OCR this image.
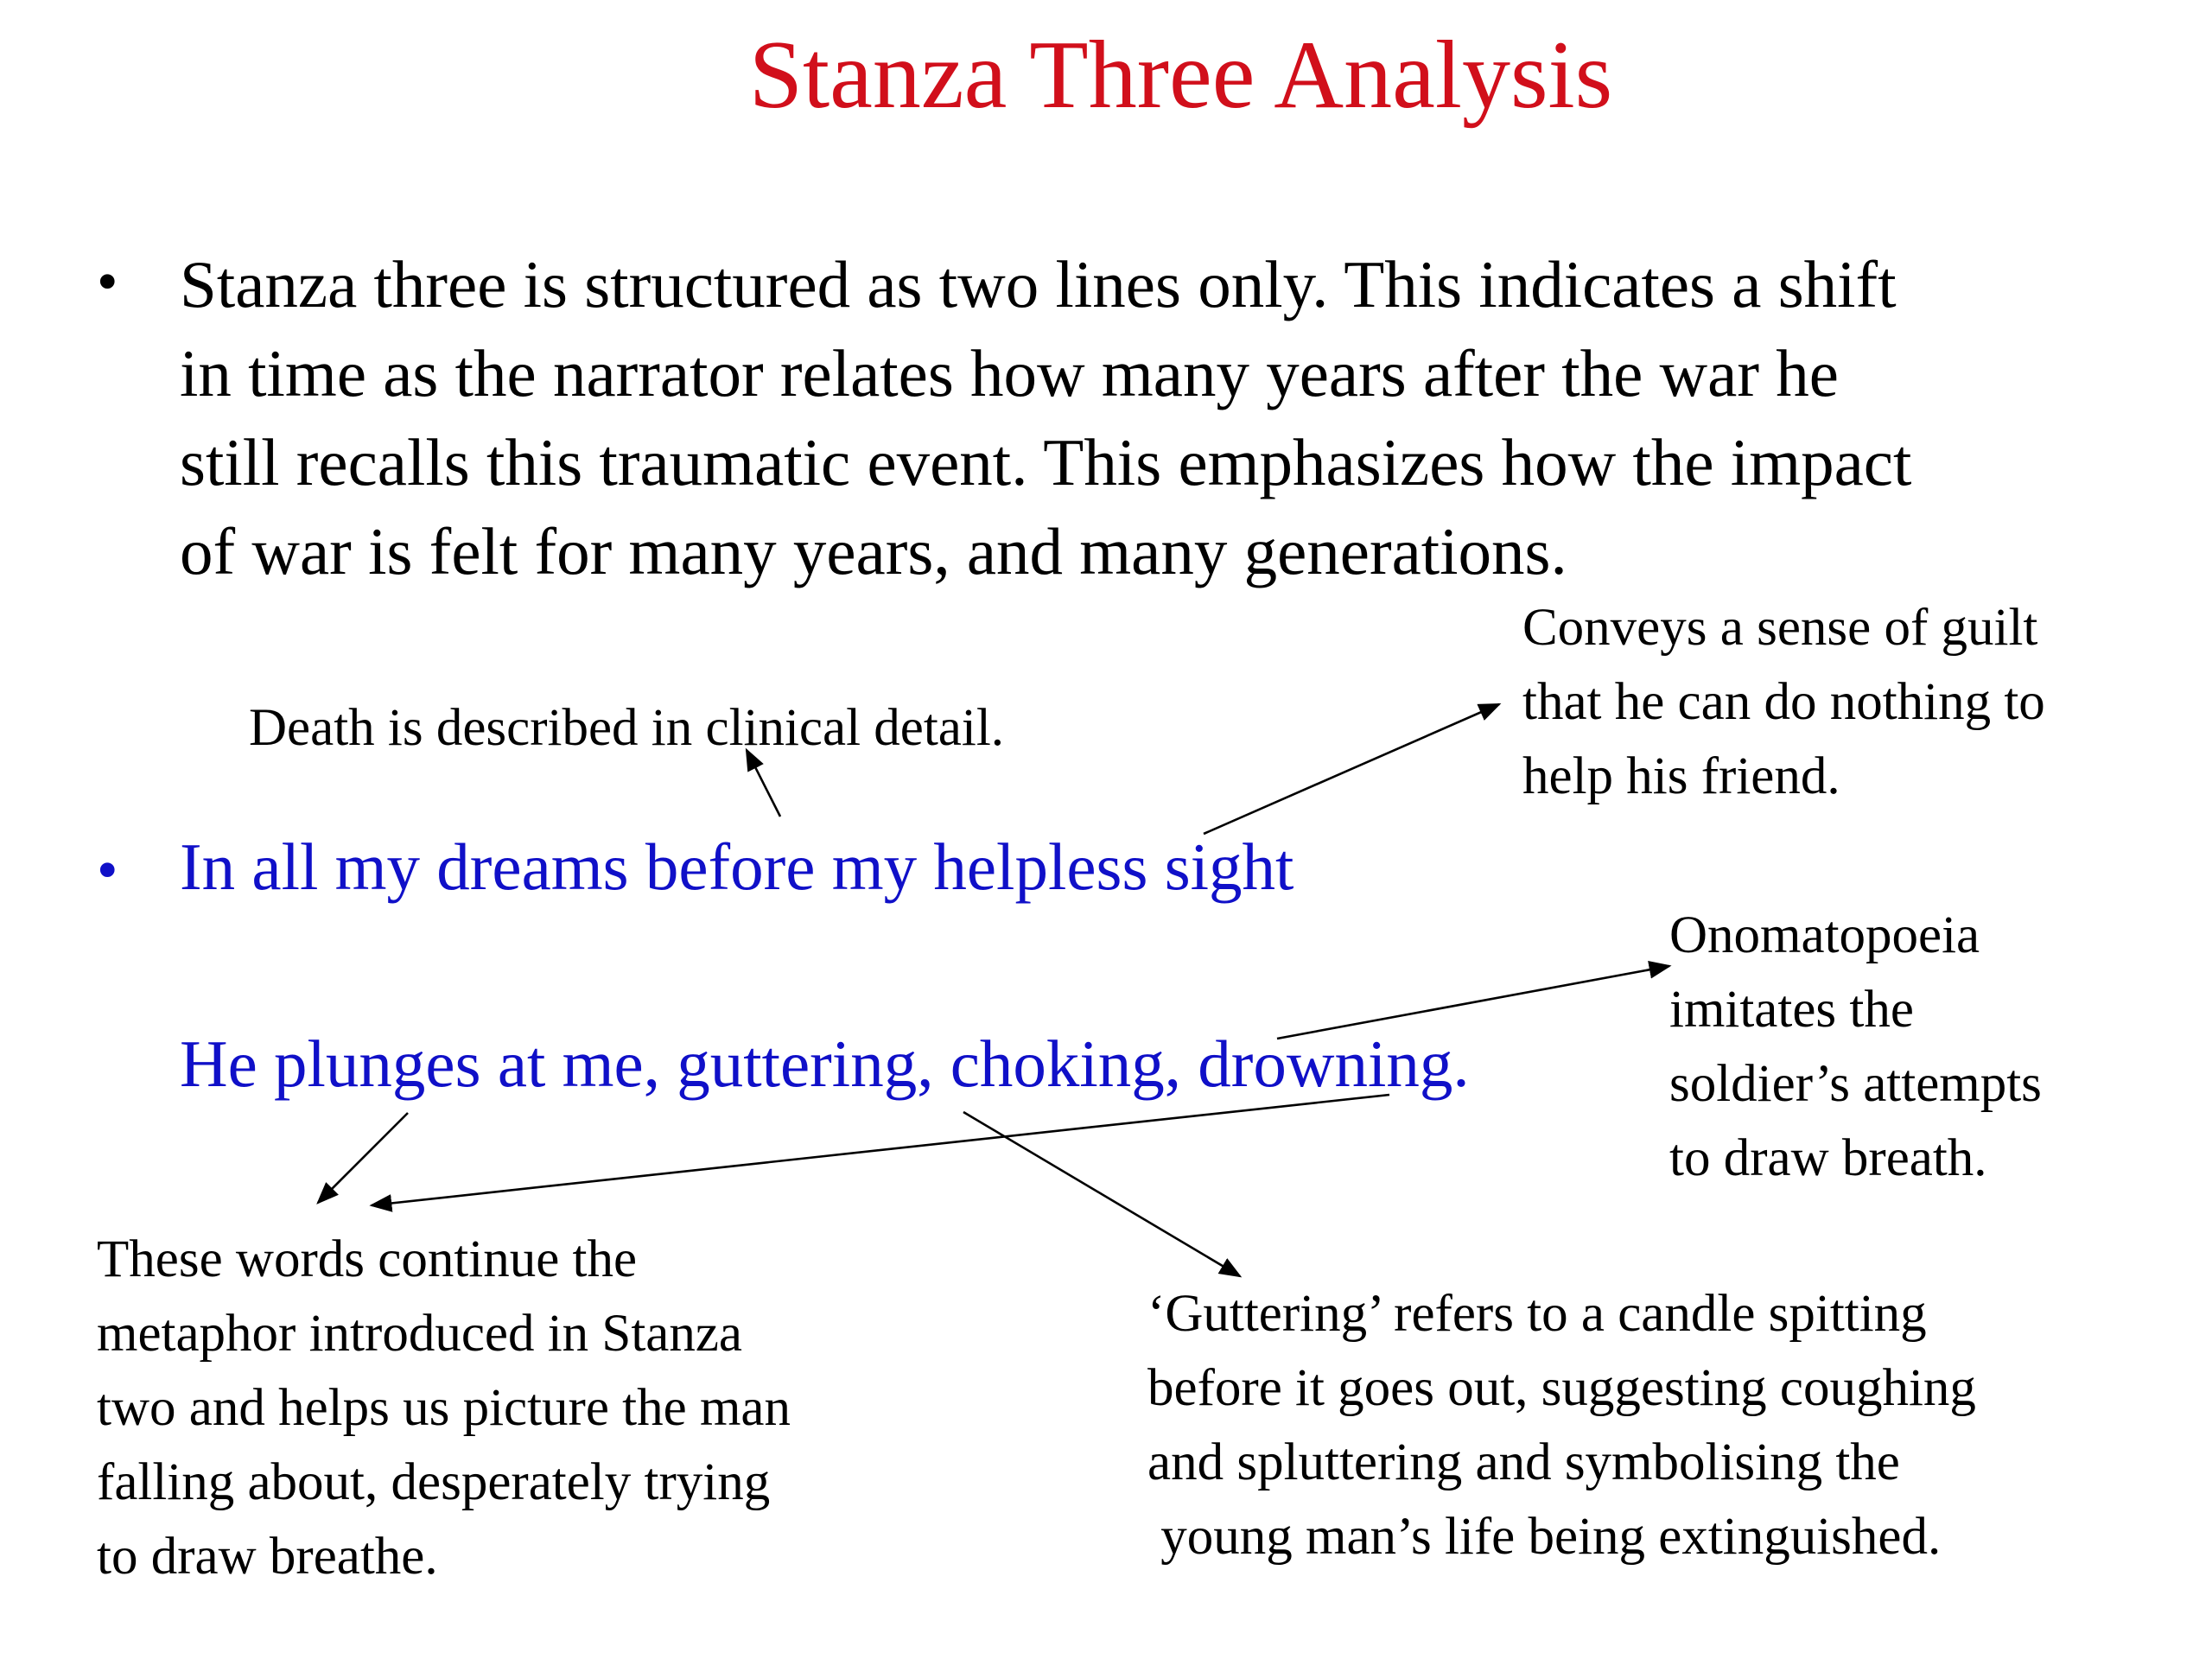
Stanza Three Analysis
• Stanza three is structured as two lines only. This indicates a shift
in time as the narrator relates how many years after the war he
still recalls this traumatic event. This emphasizes how the impact
of war is felt for many years, and many generations.
Death is described in clinical detail.
Conveys a sense of guilt
that he can do nothing to
help his friend.
• In all my dreams before my helpless sight
He plunges at me, guttering, choking, drowning.
Onomatopoeia
imitates the
soldier’s attempts
to draw breath.
These words continue the
metaphor introduced in Stanza
two and helps us picture the man
falling about, desperately trying
to draw breathe.
‘Guttering’ refers to a candle spitting
before it goes out, suggesting coughing
and spluttering and symbolising the
young man’s life being extinguished.
